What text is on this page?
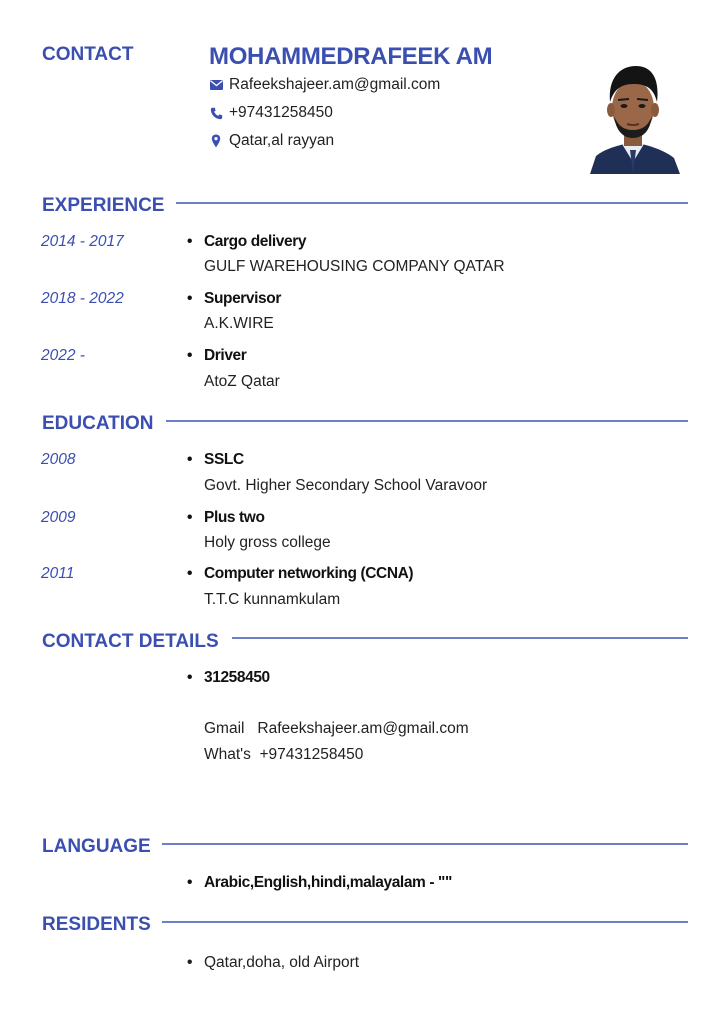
CONTACT	MOHAMMEDRAFEEK AM
Rafeekshajeer.am@gmail.com
+97431258450
Qatar,al rayyan
EXPERIENCE
2014 - 2017	• Cargo delivery
GULF WAREHOUSING COMPANY QATAR
2018 - 2022	• Supervisor
A.K.WIRE
2022 -	• Driver
AtoZ Qatar
EDUCATION
2008	• SSLC
Govt. Higher Secondary School Varavoor
2009	• Plus two
Holy gross college
2011	• Computer networking (CCNA)
T.T.C kunnamkulam
CONTACT DETAILS
• 31258450
Gmail   Rafeekshajeer.am@gmail.com
What's  +97431258450
LANGUAGE
• Arabic,English,hindi,malayalam - ""
RESIDENTS
• Qatar,doha, old Airport
